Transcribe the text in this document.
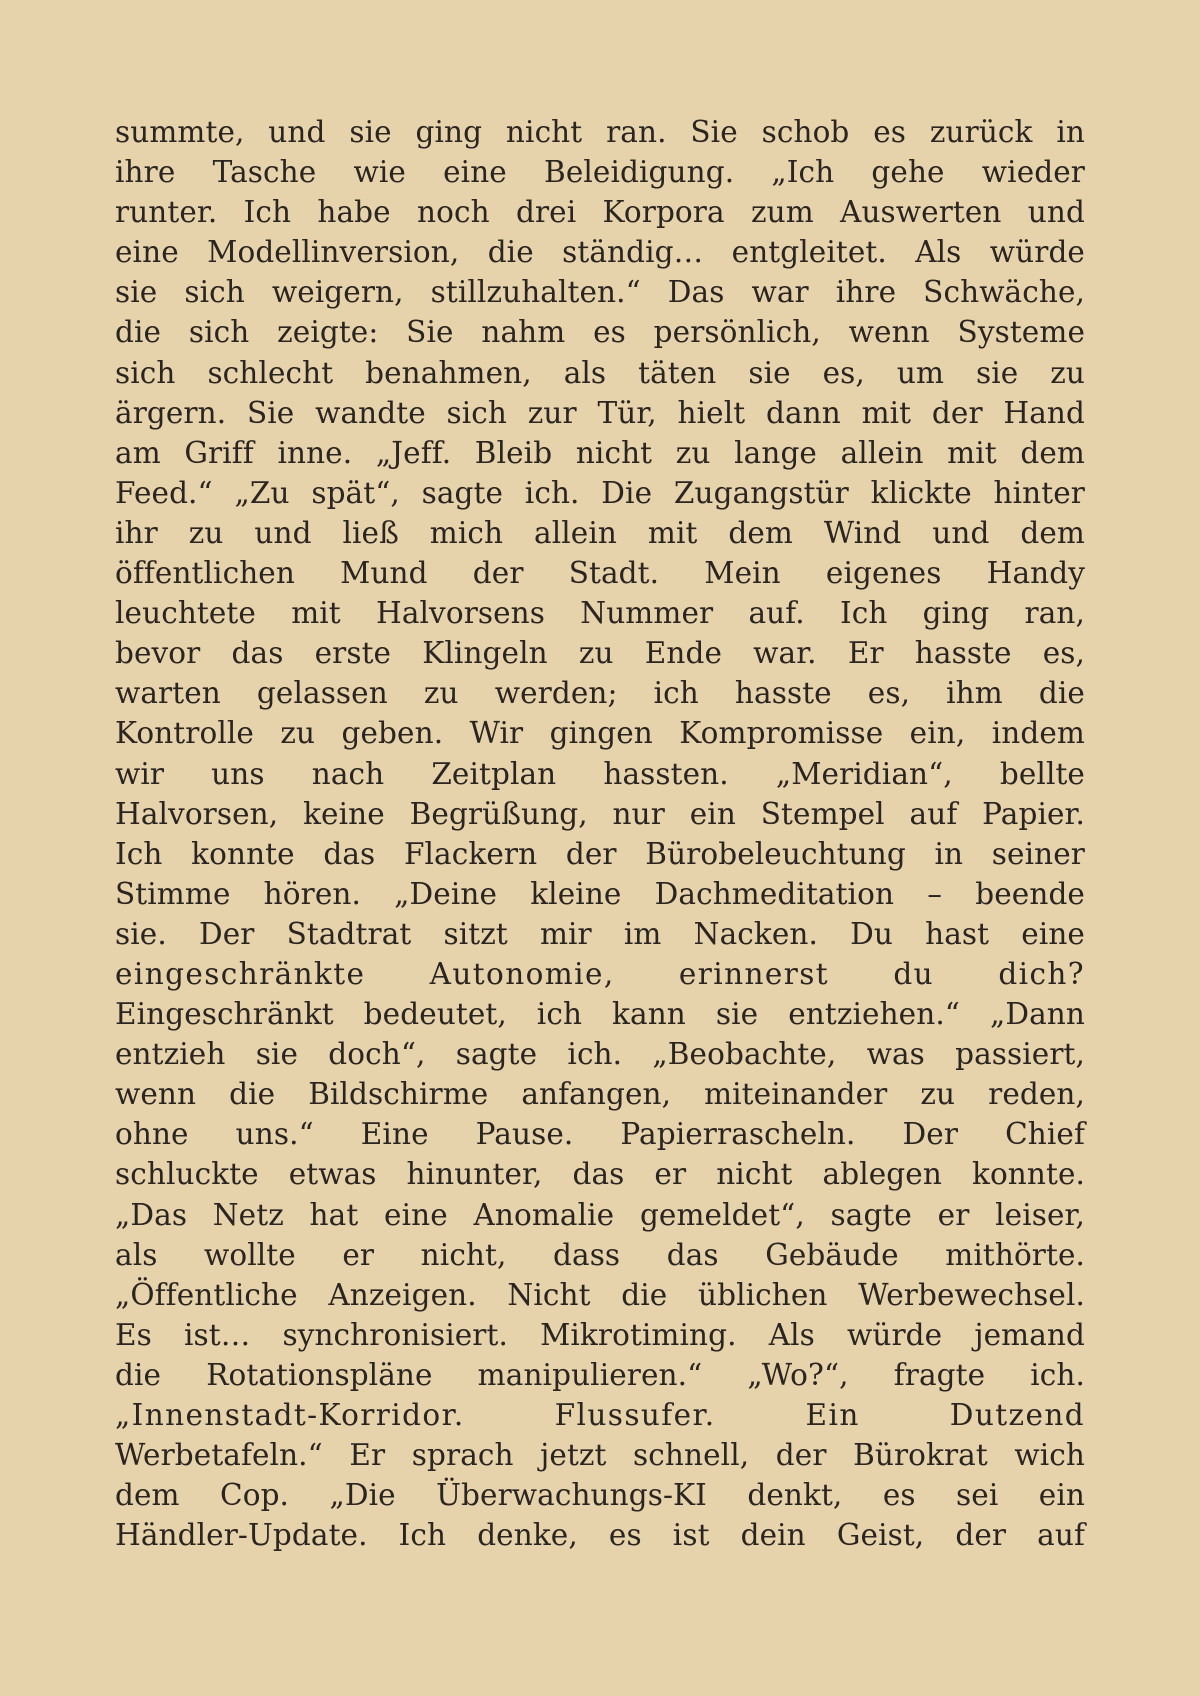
summte, und sie ging nicht ran. Sie schob es zurück in
ihre Tasche wie eine Beleidigung. „Ich gehe wieder
runter. Ich habe noch drei Korpora zum Auswerten und
eine Modellinversion, die ständig… entgleitet. Als würde
sie sich weigern, stillzuhalten.“ Das war ihre Schwäche,
die sich zeigte: Sie nahm es persönlich, wenn Systeme
sich schlecht benahmen, als täten sie es, um sie zu
ärgern. Sie wandte sich zur Tür, hielt dann mit der Hand
am Griff inne. „Jeff. Bleib nicht zu lange allein mit dem
Feed.“ „Zu spät“, sagte ich. Die Zugangstür klickte hinter
ihr zu und ließ mich allein mit dem Wind und dem
öffentlichen Mund der Stadt. Mein eigenes Handy
leuchtete mit Halvorsens Nummer auf. Ich ging ran,
bevor das erste Klingeln zu Ende war. Er hasste es,
warten gelassen zu werden; ich hasste es, ihm die
Kontrolle zu geben. Wir gingen Kompromisse ein, indem
wir uns nach Zeitplan hassten. „Meridian“, bellte
Halvorsen, keine Begrüßung, nur ein Stempel auf Papier.
Ich konnte das Flackern der Bürobeleuchtung in seiner
Stimme hören. „Deine kleine Dachmeditation – beende
sie. Der Stadtrat sitzt mir im Nacken. Du hast eine
eingeschränkte Autonomie, erinnerst du dich?
Eingeschränkt bedeutet, ich kann sie entziehen.“ „Dann
entzieh sie doch“, sagte ich. „Beobachte, was passiert,
wenn die Bildschirme anfangen, miteinander zu reden,
ohne uns.“ Eine Pause. Papierrascheln. Der Chief
schluckte etwas hinunter, das er nicht ablegen konnte.
„Das Netz hat eine Anomalie gemeldet“, sagte er leiser,
als wollte er nicht, dass das Gebäude mithörte.
„Öffentliche Anzeigen. Nicht die üblichen Werbewechsel.
Es ist… synchronisiert. Mikrotiming. Als würde jemand
die Rotationspläne manipulieren.“ „Wo?“, fragte ich.
„Innenstadt-Korridor. Flussufer. Ein Dutzend
Werbetafeln.“ Er sprach jetzt schnell, der Bürokrat wich
dem Cop. „Die Überwachungs-KI denkt, es sei ein
Händler-Update. Ich denke, es ist dein Geist, der auf
